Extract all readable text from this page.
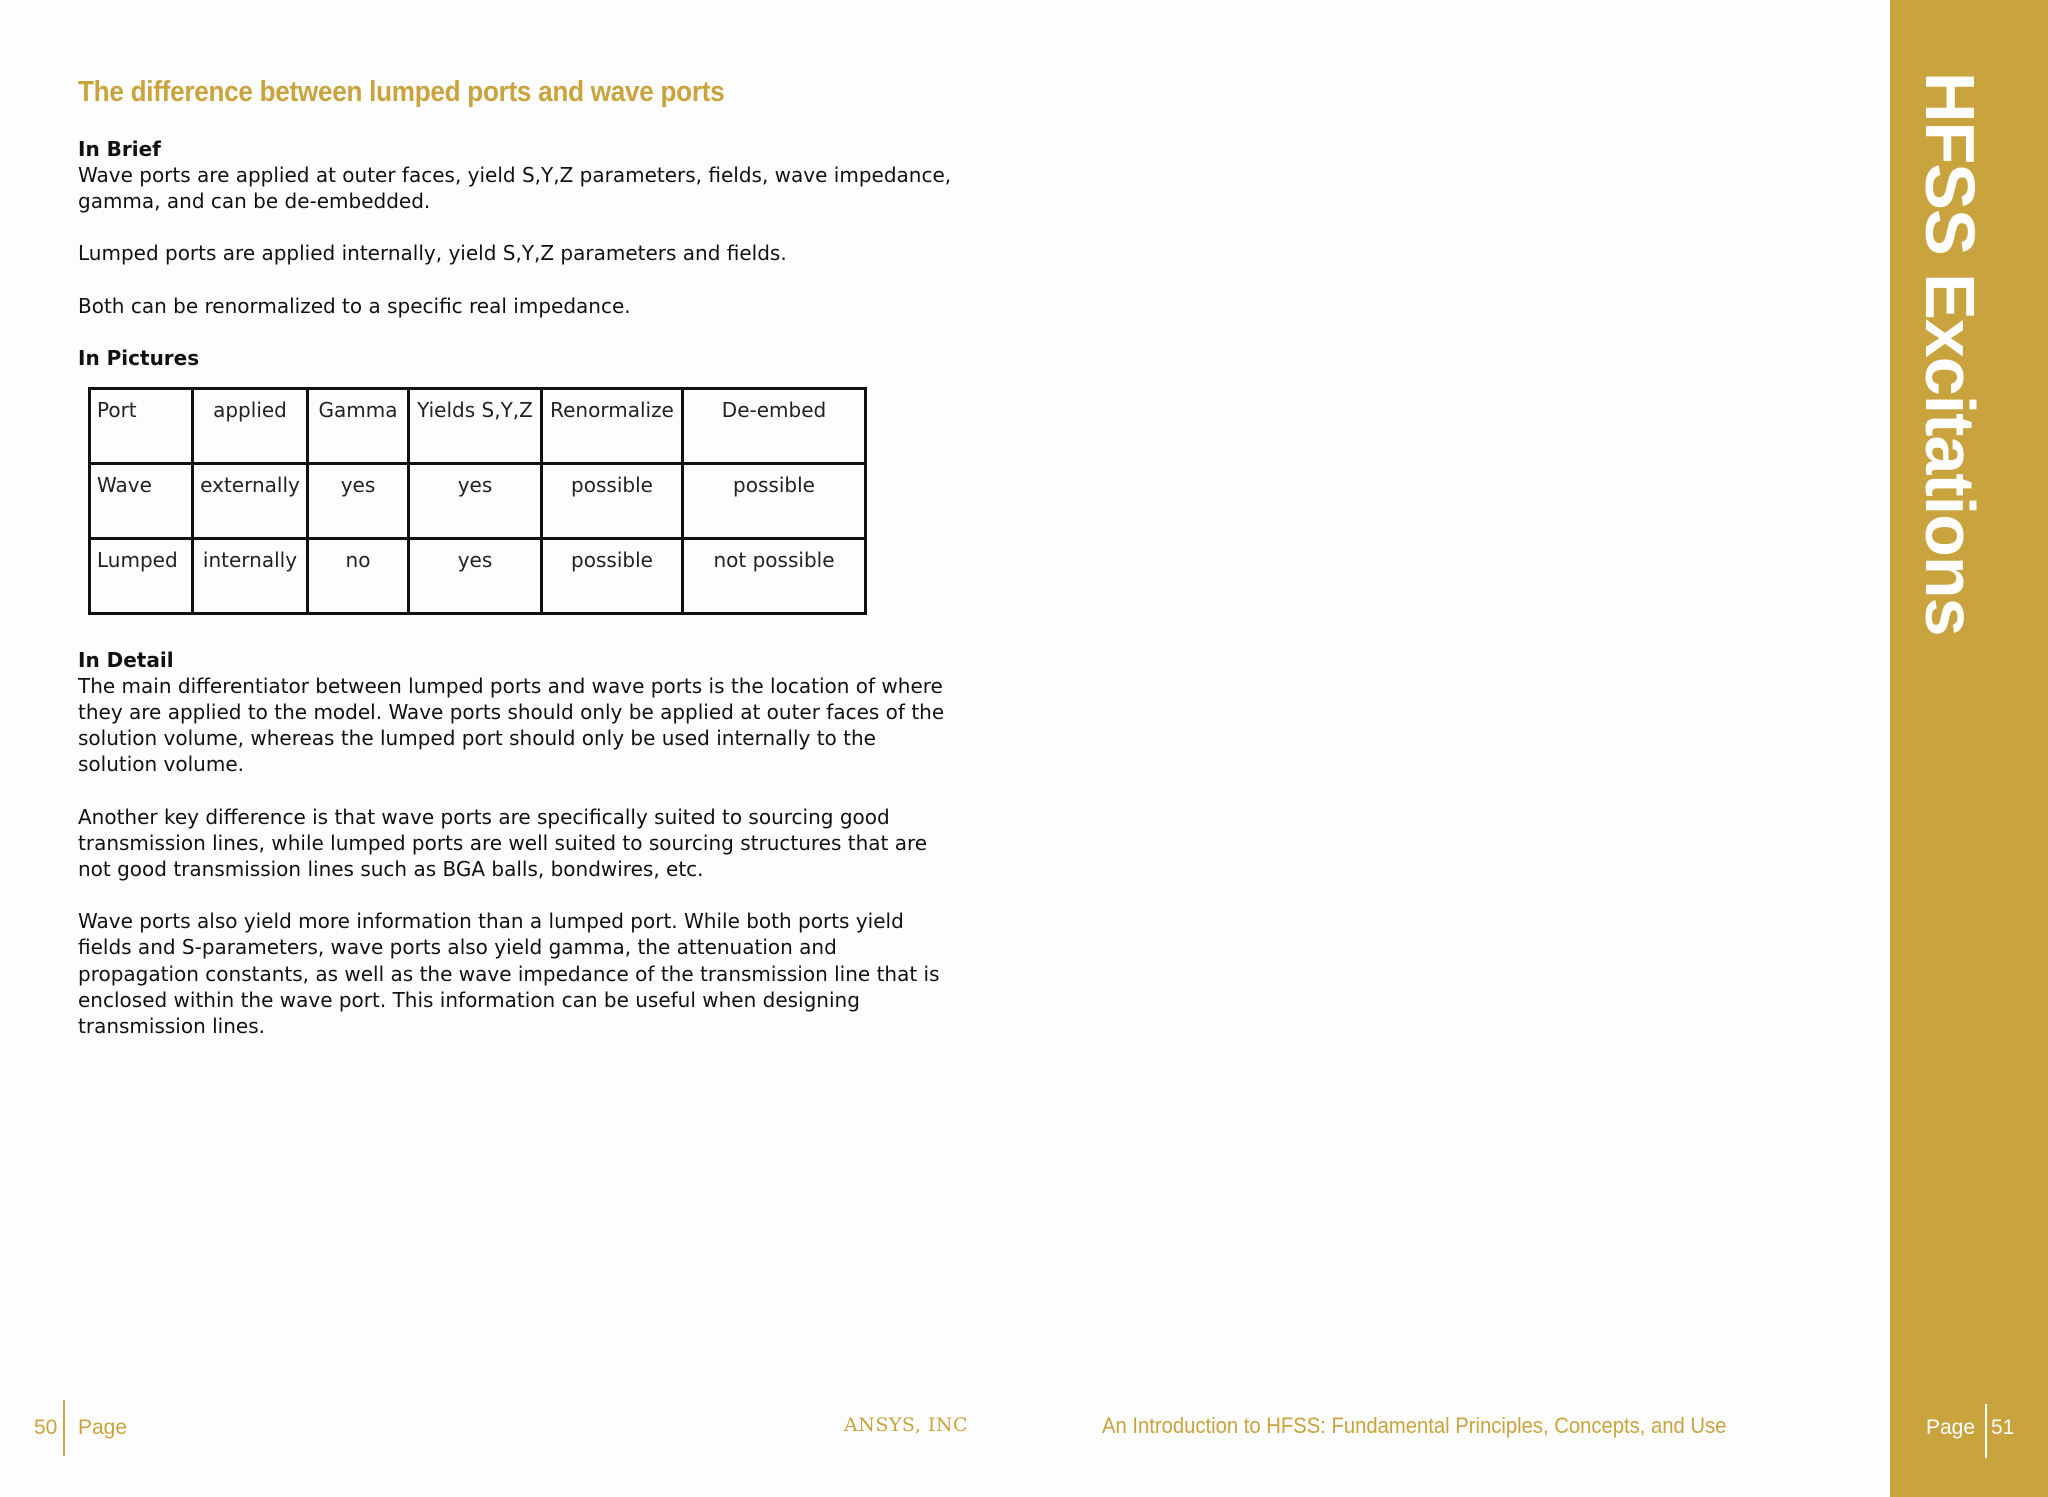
The difference between lumped ports and wave ports

In Brief

Wave ports are applied at outer faces, yield S,Y,Z parameters, fields, wave impedance, gamma, and can be de-embedded.

Lumped ports are applied internally, yield S,Y,Z parameters and fields.

Both can be renormalized to a specific real impedance.

In Pictures

Port	applied	Gamma	Yields S,Y,Z	Renormalize	De-embed
Wave	externally	yes	yes	possible	possible
Lumped	internally	no	yes	possible	not possible

In Detail

The main differentiator between lumped ports and wave ports is the location of where they are applied to the model. Wave ports should only be applied at outer faces of the solution volume, whereas the lumped port should only be used internally to the solution volume.

Another key difference is that wave ports are specifically suited to sourcing good transmission lines, while lumped ports are well suited to sourcing structures that are not good transmission lines such as BGA balls, bondwires, etc.

Wave ports also yield more information than a lumped port. While both ports yield fields and S-parameters, wave ports also yield gamma, the attenuation and propagation constants, as well as the wave impedance of the transmission line that is enclosed within the wave port. This information can be useful when designing transmission lines.

HFSS Excitations
50 Page	ANSYS, INC	An Introduction to HFSS: Fundamental Principles, Concepts, and Use	Page 51
